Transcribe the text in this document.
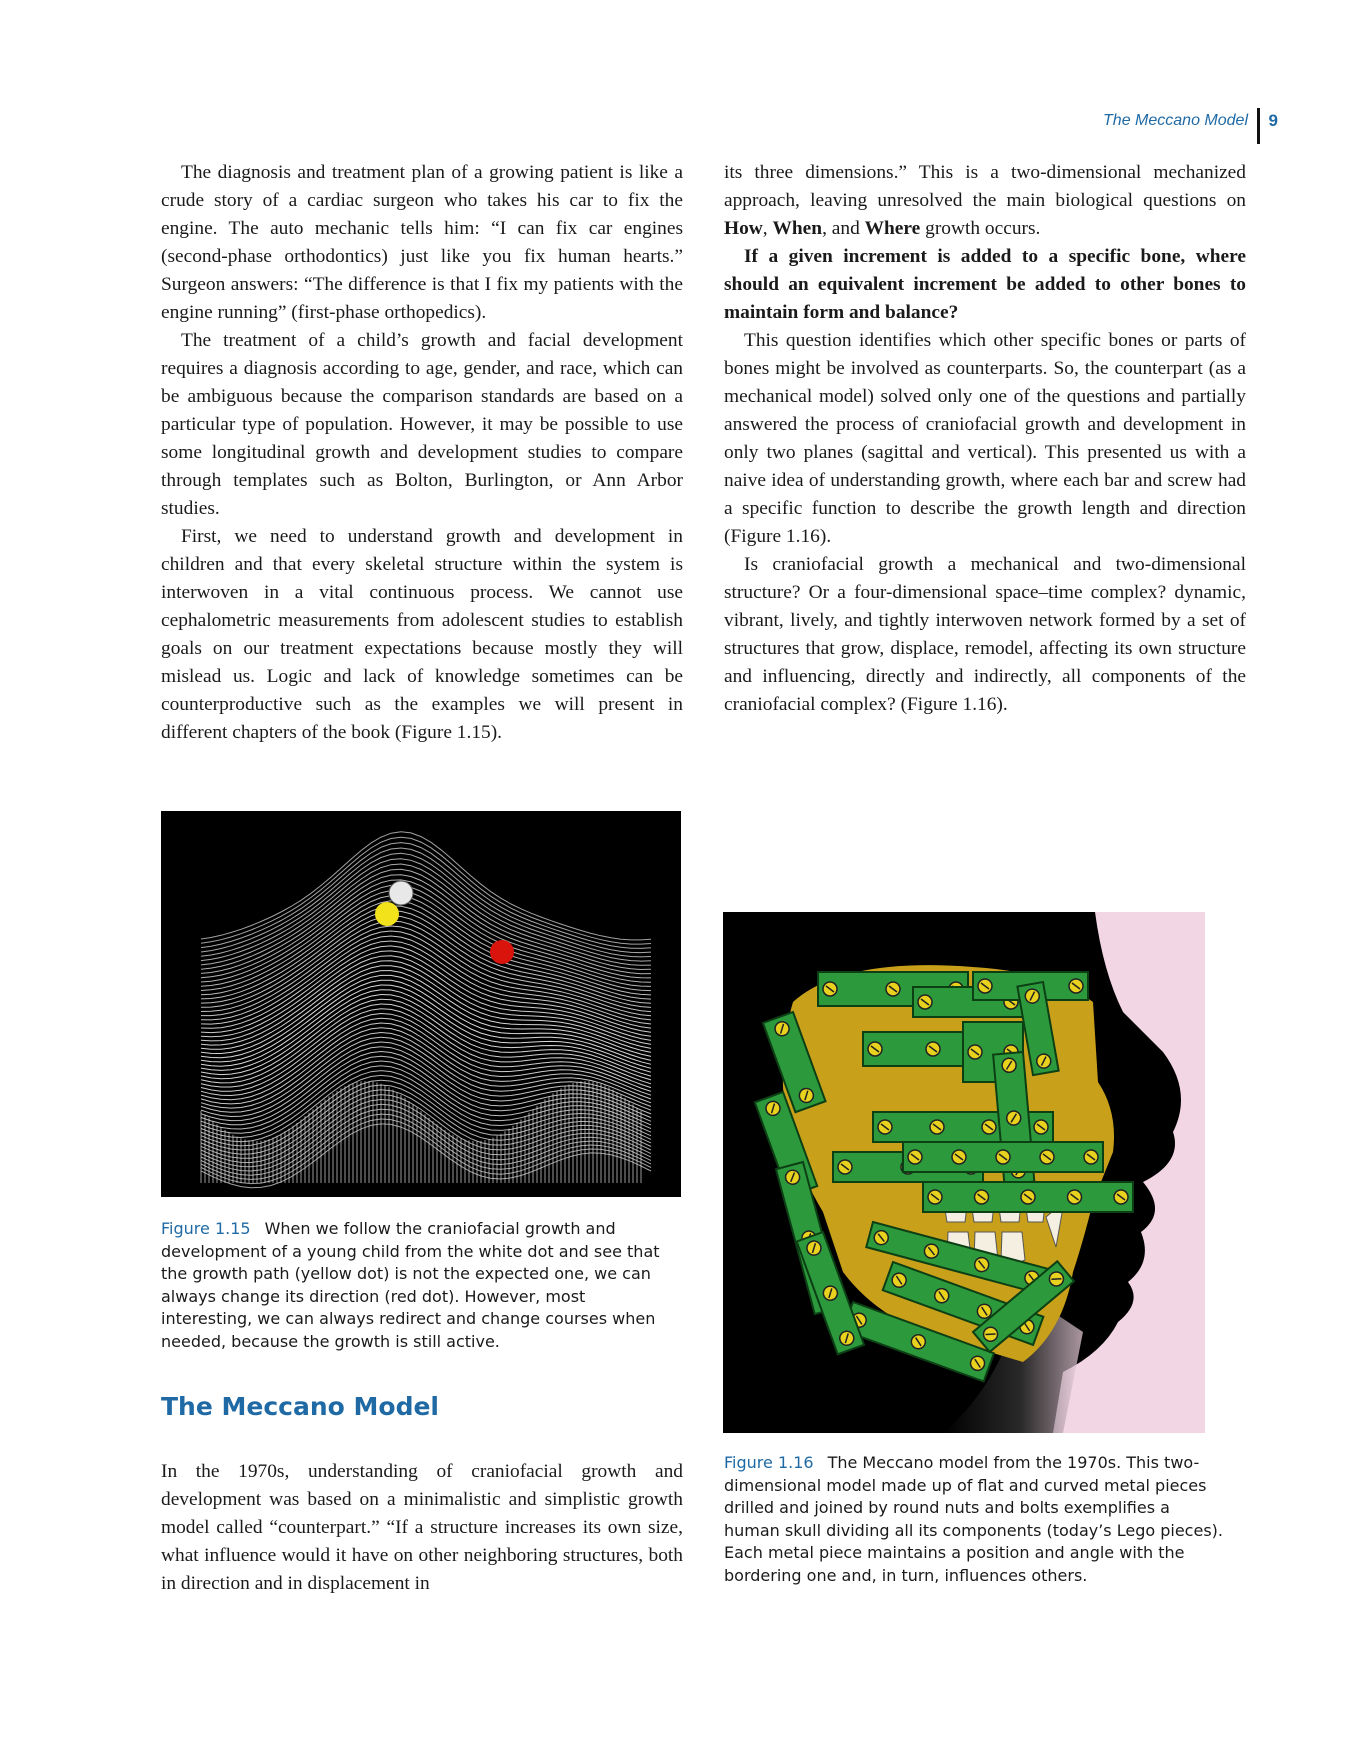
The Meccano Model 9

The diagnosis and treatment plan of a growing patient is like a crude story of a cardiac surgeon who takes his car to fix the engine. The auto mechanic tells him: “I can fix car engines (second-phase orthodontics) just like you fix human hearts.” Surgeon answers: “The difference is that I fix my patients with the engine running” (first-phase orthopedics).

The treatment of a child’s growth and facial development requires a diagnosis according to age, gender, and race, which can be ambiguous because the comparison standards are based on a particular type of population. However, it may be possible to use some longitudinal growth and development studies to compare through templates such as Bolton, Burlington, or Ann Arbor studies.

First, we need to understand growth and development in children and that every skeletal structure within the system is interwoven in a vital continuous process. We cannot use cephalometric measurements from adolescent studies to establish goals on our treatment expectations because mostly they will mislead us. Logic and lack of knowledge sometimes can be counterproductive such as the examples we will present in different chapters of the book (Figure 1.15).

its three dimensions.” This is a two-dimensional mechanized approach, leaving unresolved the main biological questions on How, When, and Where growth occurs.

If a given increment is added to a specific bone, where should an equivalent increment be added to other bones to maintain form and balance?

This question identifies which other specific bones or parts of bones might be involved as counterparts. So, the counterpart (as a mechanical model) solved only one of the questions and partially answered the process of craniofacial growth and development in only two planes (sagittal and vertical). This presented us with a naive idea of understanding growth, where each bar and screw had a specific function to describe the growth length and direction (Figure 1.16).

Is craniofacial growth a mechanical and two-dimensional structure? Or a four-dimensional space–time complex? dynamic, vibrant, lively, and tightly interwoven network formed by a set of structures that grow, displace, remodel, affecting its own structure and influencing, directly and indirectly, all components of the craniofacial complex? (Figure 1.16).

Figure 1.15 When we follow the craniofacial growth and development of a young child from the white dot and see that the growth path (yellow dot) is not the expected one, we can always change its direction (red dot). However, most interesting, we can always redirect and change courses when needed, because the growth is still active.
The Meccano Model

In the 1970s, understanding of craniofacial growth and development was based on a minimalistic and simplistic growth model called “counterpart.” “If a structure increases its own size, what influence would it have on other neighboring structures, both in direction and in displacement in

Figure 1.16 The Meccano model from the 1970s. This two-dimensional model made up of flat and curved metal pieces drilled and joined by round nuts and bolts exemplifies a human skull dividing all its components (today’s Lego pieces). Each metal piece maintains a position and angle with the bordering one and, in turn, influences others.
